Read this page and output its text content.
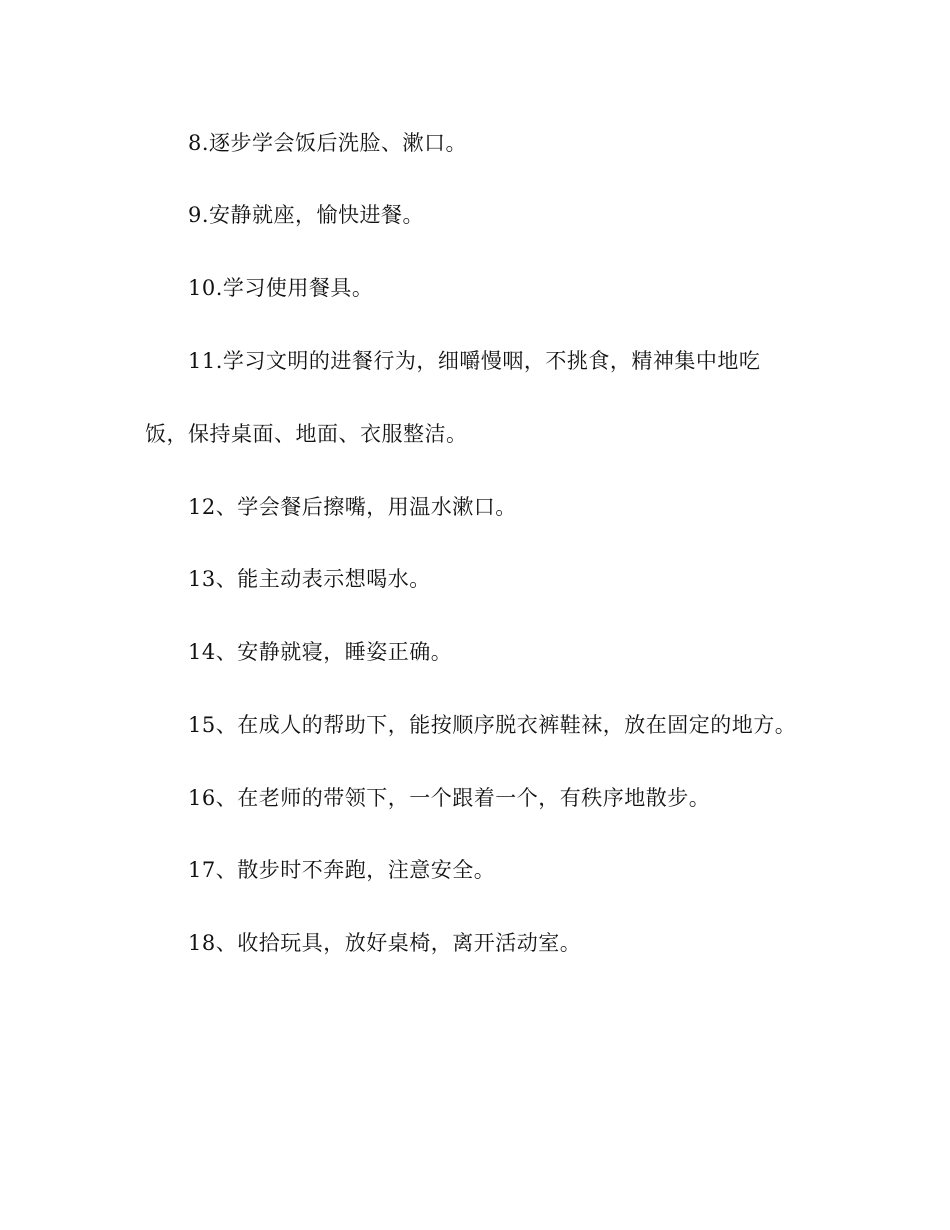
8.逐步学会饭后洗脸、漱口。
9.安静就座，愉快进餐。
10.学习使用餐具。
11.学习文明的进餐行为，细嚼慢咽，不挑食，精神集中地吃
饭，保持桌面、地面、衣服整洁。
12、学会餐后擦嘴，用温水漱口。
13、能主动表示想喝水。
14、安静就寝，睡姿正确。
15、在成人的帮助下，能按顺序脱衣裤鞋袜，放在固定的地方。
16、在老师的带领下，一个跟着一个，有秩序地散步。
17、散步时不奔跑，注意安全。
18、收拾玩具，放好桌椅，离开活动室。
